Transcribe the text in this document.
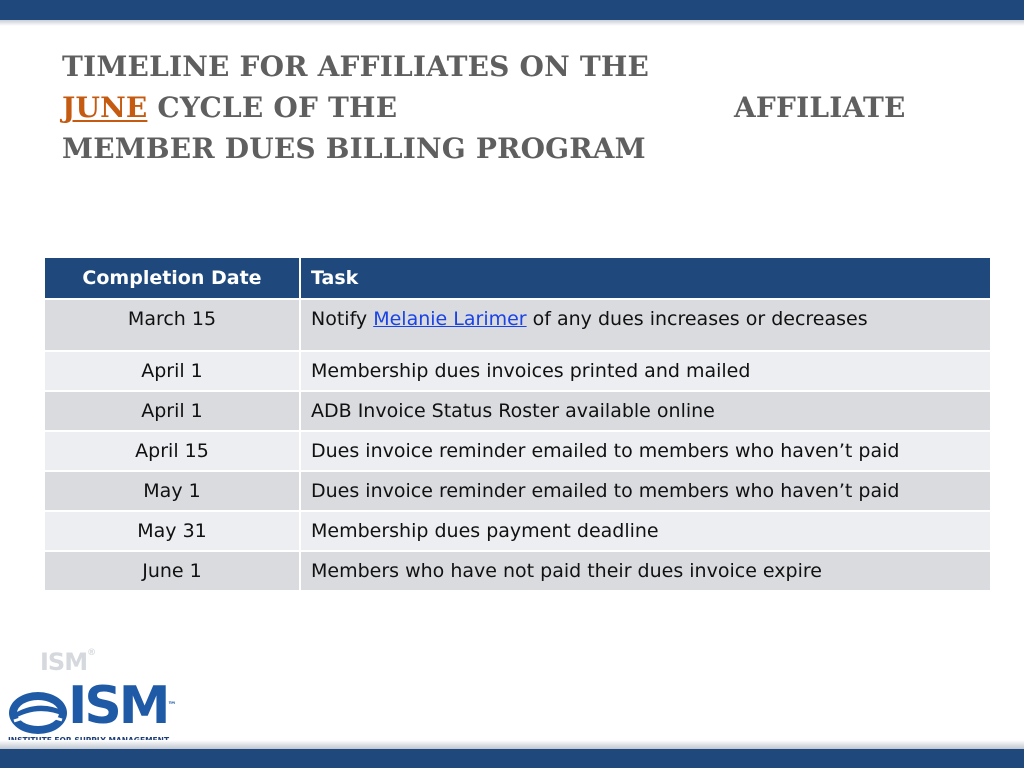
TIMELINE FOR AFFILIATES ON THE
JUNE CYCLE OF THE	AFFILIATE
MEMBER DUES BILLING PROGRAM
Completion Date	Task
March 15	Notify Melanie Larimer of any dues increases or decreases
April 1	Membership dues invoices printed and mailed
April 1	ADB Invoice Status Roster available online
April 15	Dues invoice reminder emailed to members who haven’t paid
May 1	Dues invoice reminder emailed to members who haven’t paid
May 31	Membership dues payment deadline
June 1	Members who have not paid their dues invoice expire
ISM®
ISM™
